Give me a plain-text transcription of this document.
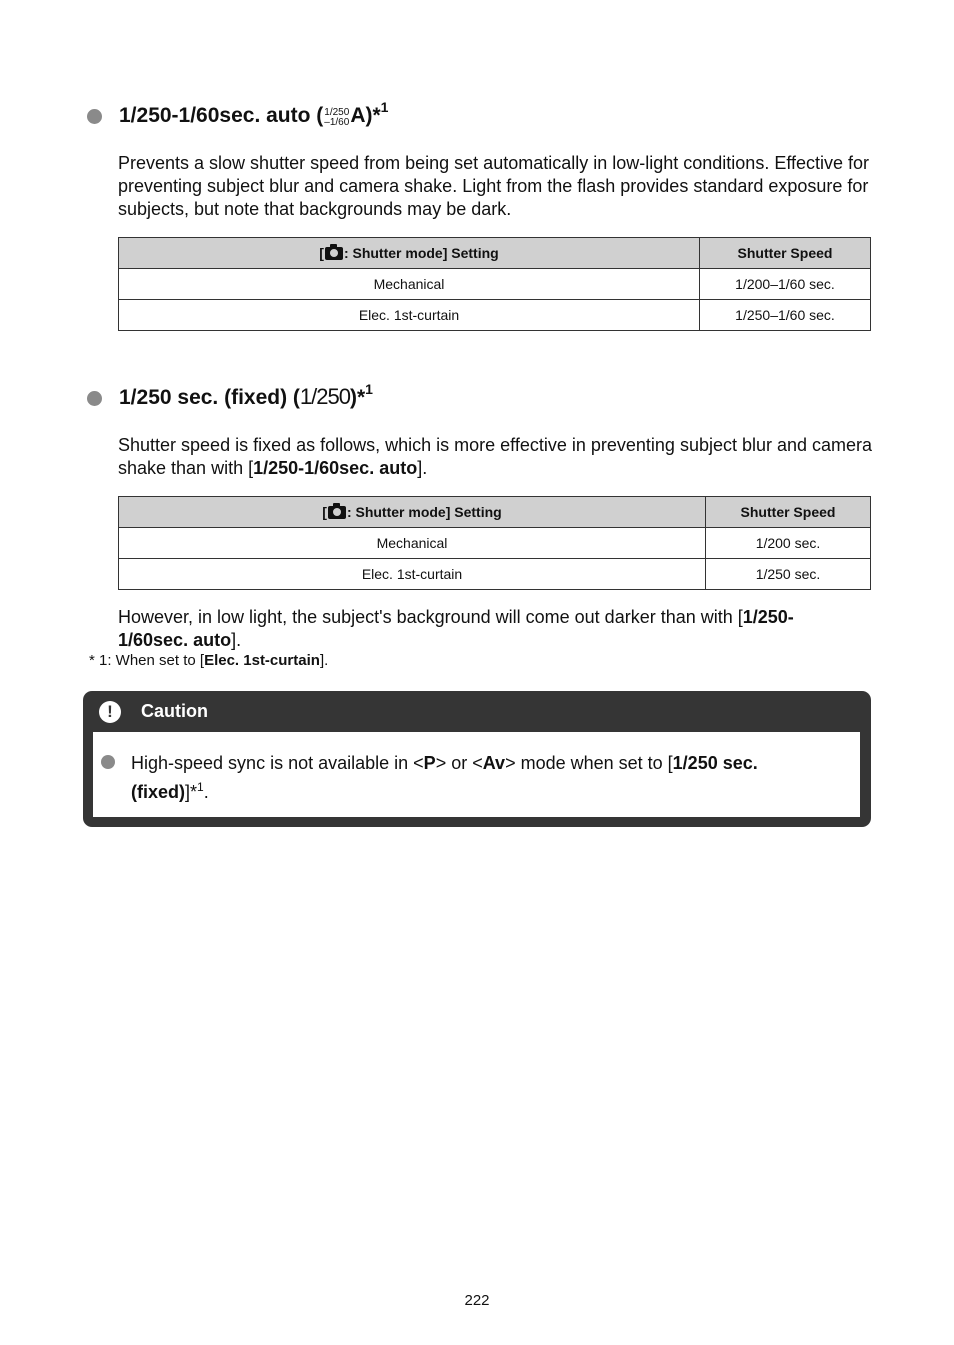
1/250-1/60sec. auto ( 1/250
–1/60 A)*$^1$
Prevents a slow shutter speed from being set automatically in low-light conditions. Effective for preventing subject blur and camera shake. Light from the flash provides standard exposure for subjects, but note that backgrounds may be dark.
[ : Shutter mode] Setting	Shutter Speed
Mechanical	1/200–1/60 sec.
Elec. 1st-curtain	1/250–1/60 sec.
1/250 sec. (fixed) (1/250)*$^1$
Shutter speed is fixed as follows, which is more effective in preventing subject blur and camera shake than with [1/250-1/60sec. auto].
[ : Shutter mode] Setting	Shutter Speed
Mechanical	1/200 sec.
Elec. 1st-curtain	1/250 sec.
However, in low light, the subject's background will come out darker than with [1/250-1/60sec. auto].
* 1: When set to [Elec. 1st-curtain].
!	Caution
High-speed sync is not available in <P> or <Av> mode when set to [1/250 sec. (fixed)]*$^1$.
222
